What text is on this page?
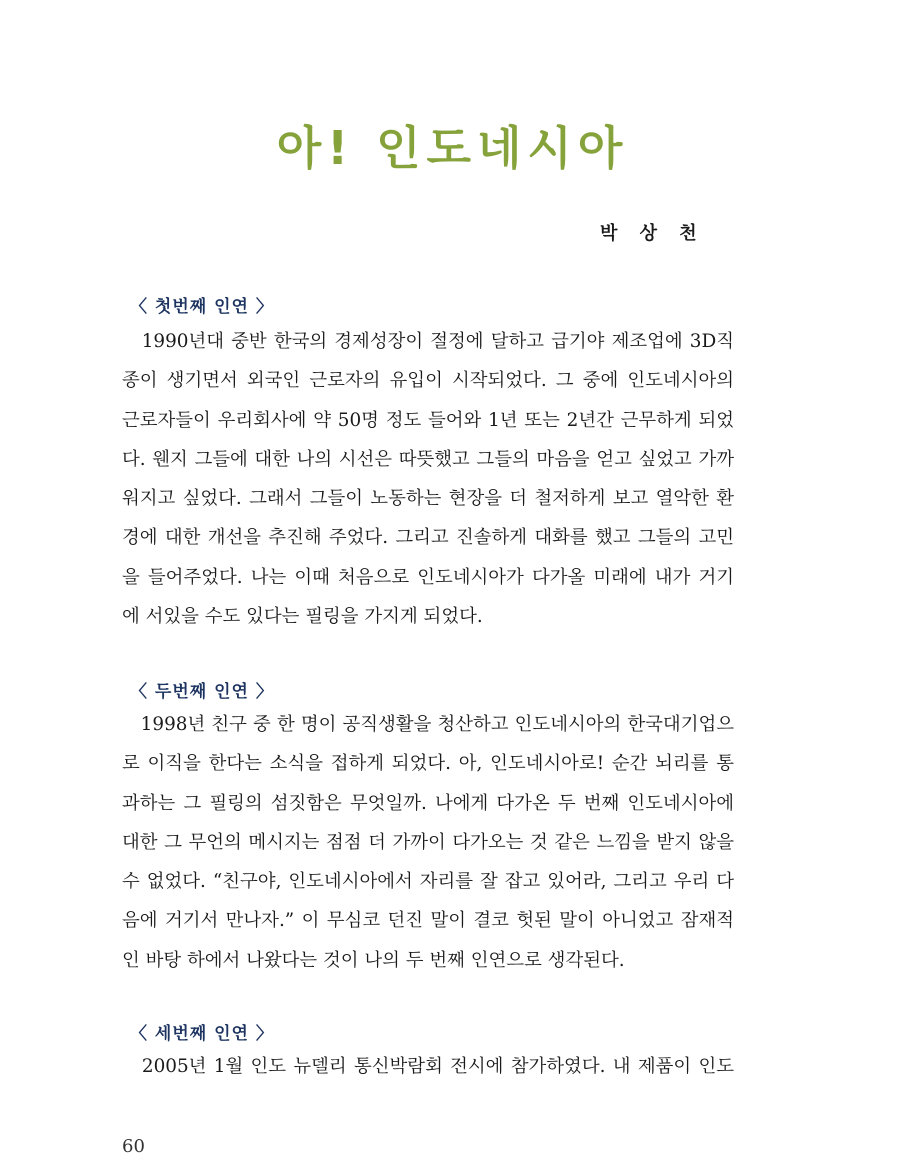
아! 인도네시아
박 상 천
〈 첫번째 인연 〉
　1990년대 중반 한국의 경제성장이 절정에 달하고 급기야 제조업에 3D직
종이 생기면서 외국인 근로자의 유입이 시작되었다. 그 중에 인도네시아의
근로자들이 우리회사에 약 50명 정도 들어와 1년 또는 2년간 근무하게 되었
다. 웬지 그들에 대한 나의 시선은 따뜻했고 그들의 마음을 얻고 싶었고 가까
워지고 싶었다. 그래서 그들이 노동하는 현장을 더 철저하게 보고 열악한 환
경에 대한 개선을 추진해 주었다. 그리고 진솔하게 대화를 했고 그들의 고민
을 들어주었다. 나는 이때 처음으로 인도네시아가 다가올 미래에 내가 거기
에 서있을 수도 있다는 필링을 가지게 되었다.
〈 두번째 인연 〉
　1998년 친구 중 한 명이 공직생활을 청산하고 인도네시아의 한국대기업으
로 이직을 한다는 소식을 접하게 되었다. 아, 인도네시아로! 순간 뇌리를 통
과하는 그 필링의 섬짓함은 무엇일까. 나에게 다가온 두 번째 인도네시아에
대한 그 무언의 메시지는 점점 더 가까이 다가오는 것 같은 느낌을 받지 않을
수 없었다. “친구야, 인도네시아에서 자리를 잘 잡고 있어라, 그리고 우리 다
음에 거기서 만나자.” 이 무심코 던진 말이 결코 헛된 말이 아니었고 잠재적
인 바탕 하에서 나왔다는 것이 나의 두 번째 인연으로 생각된다.
〈 세번째 인연 〉
　2005년 1월 인도 뉴델리 통신박람회 전시에 참가하였다. 내 제품이 인도
60
